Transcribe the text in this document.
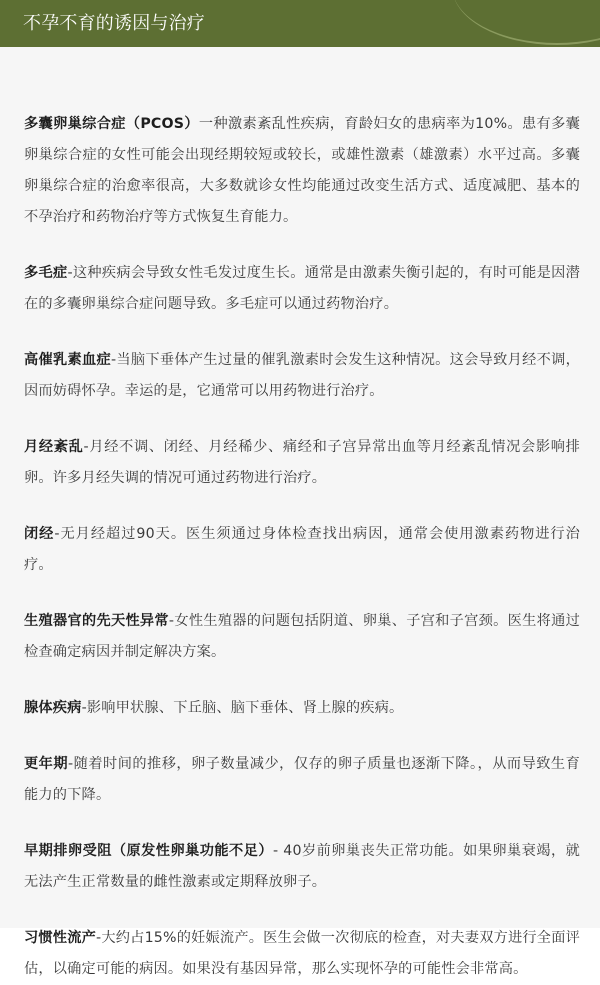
不孕不育的诱因与治疗

多囊卵巢综合症（PCOS）一种激素紊乱性疾病，育龄妇女的患病率为10%。患有多囊卵巢综合症的女性可能会出现经期较短或较长，或雄性激素（雄激素）水平过高。多囊卵巢综合症的治愈率很高，大多数就诊女性均能通过改变生活方式、适度减肥、基本的不孕治疗和药物治疗等方式恢复生育能力。

多毛症-这种疾病会导致女性毛发过度生长。通常是由激素失衡引起的，有时可能是因潜在的多囊卵巢综合症问题导致。多毛症可以通过药物治疗。

高催乳素血症-当脑下垂体产生过量的催乳激素时会发生这种情况。这会导致月经不调，因而妨碍怀孕。幸运的是，它通常可以用药物进行治疗。

月经紊乱-月经不调、闭经、月经稀少、痛经和子宫异常出血等月经紊乱情况会影响排卵。许多月经失调的情况可通过药物进行治疗。

闭经-无月经超过90天。医生须通过身体检查找出病因，通常会使用激素药物进行治疗。

生殖器官的先天性异常-女性生殖器的问题包括阴道、卵巢、子宫和子宫颈。医生将通过检查确定病因并制定解决方案。

腺体疾病-影响甲状腺、下丘脑、脑下垂体、肾上腺的疾病。

更年期-随着时间的推移，卵子数量减少，仅存的卵子质量也逐渐下降。，从而导致生育能力的下降。

早期排卵受阻（原发性卵巢功能不足）- 40岁前卵巢丧失正常功能。如果卵巢衰竭，就无法产生正常数量的雌性激素或定期释放卵子。

习惯性流产-大约占15%的妊娠流产。医生会做一次彻底的检查，对夫妻双方进行全面评估，以确定可能的病因。如果没有基因异常，那么实现怀孕的可能性会非常高。
